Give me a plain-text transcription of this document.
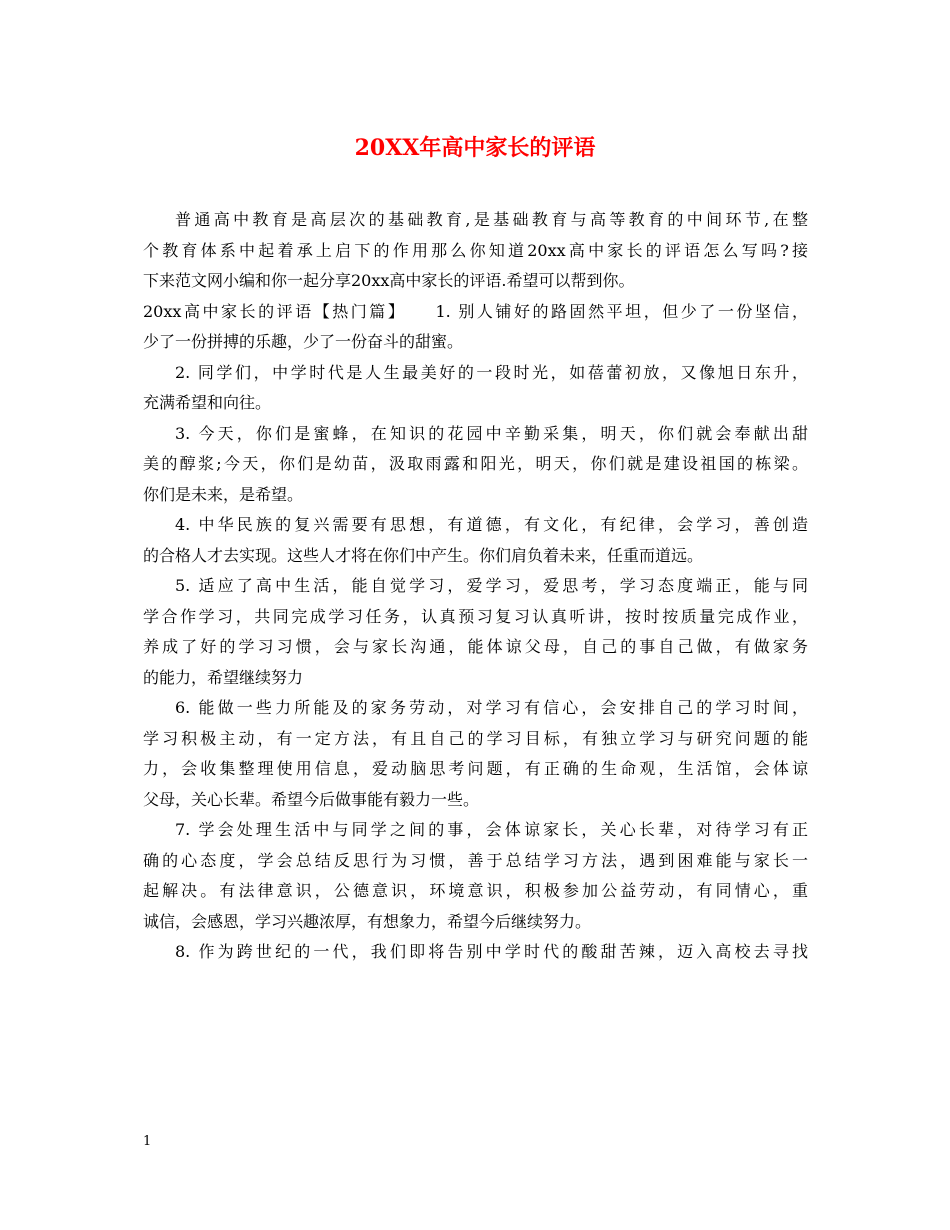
20XX年高中家长的评语
普通高中教育是高层次的基础教育,是基础教育与高等教育的中间环节,在整
个教育体系中起着承上启下的作用那么你知道20xx高中家长的评语怎么写吗?接
下来范文网小编和你一起分享20xx高中家长的评语.希望可以帮到你。
20xx高中家长的评语【热门篇】　　1. 别人铺好的路固然平坦，但少了一份坚信，
少了一份拼搏的乐趣，少了一份奋斗的甜蜜。
2. 同学们，中学时代是人生最美好的一段时光，如蓓蕾初放，又像旭日东升，
充满希望和向往。
3. 今天，你们是蜜蜂，在知识的花园中辛勤采集，明天，你们就会奉献出甜
美的醇浆;今天，你们是幼苗，汲取雨露和阳光，明天，你们就是建设祖国的栋梁。
你们是未来，是希望。
4. 中华民族的复兴需要有思想，有道德，有文化，有纪律，会学习，善创造
的合格人才去实现。这些人才将在你们中产生。你们肩负着未来，任重而道远。
5. 适应了高中生活，能自觉学习，爱学习，爱思考，学习态度端正，能与同
学合作学习，共同完成学习任务，认真预习复习认真听讲，按时按质量完成作业，
养成了好的学习习惯，会与家长沟通，能体谅父母，自己的事自己做，有做家务
的能力，希望继续努力
6. 能做一些力所能及的家务劳动，对学习有信心，会安排自己的学习时间，
学习积极主动，有一定方法，有且自己的学习目标，有独立学习与研究问题的能
力，会收集整理使用信息，爱动脑思考问题，有正确的生命观，生活馆，会体谅
父母，关心长辈。希望今后做事能有毅力一些。
7. 学会处理生活中与同学之间的事，会体谅家长，关心长辈，对待学习有正
确的心态度，学会总结反思行为习惯，善于总结学习方法，遇到困难能与家长一
起解决。有法律意识，公德意识，环境意识，积极参加公益劳动，有同情心，重
诚信，会感恩，学习兴趣浓厚，有想象力，希望今后继续努力。
8. 作为跨世纪的一代，我们即将告别中学时代的酸甜苦辣，迈入高校去寻找
1
